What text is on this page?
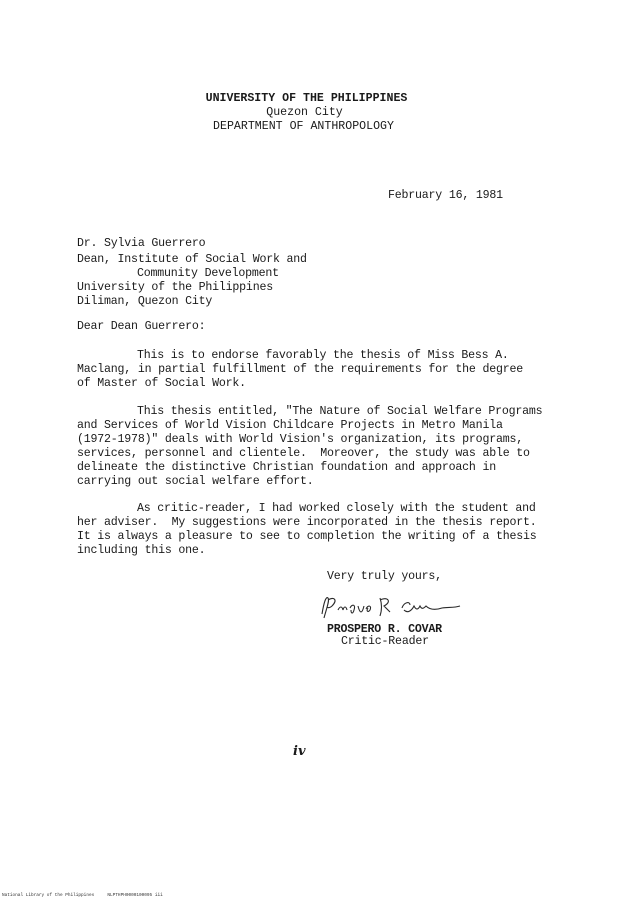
UNIVERSITY OF THE PHILIPPINES
Quezon City
DEPARTMENT OF ANTHROPOLOGY
February 16, 1981
Dr. Sylvia Guerrero
Dean, Institute of Social Work and
Community Development
University of the Philippines
Diliman, Quezon City
Dear Dean Guerrero:
This is to endorse favorably the thesis of Miss Bess A.
Maclang, in partial fulfillment of the requirements for the degree
of Master of Social Work.
This thesis entitled, "The Nature of Social Welfare Programs
and Services of World Vision Childcare Projects in Metro Manila
(1972-1978)" deals with World Vision's organization, its programs,
services, personnel and clientele.  Moreover, the study was able to
delineate the distinctive Christian foundation and approach in
carrying out social welfare effort.
As critic-reader, I had worked closely with the student and
her adviser.  My suggestions were incorporated in the thesis report.
It is always a pleasure to see to completion the writing of a thesis
including this one.
Very truly yours,
PROSPERO R. COVAR
Critic-Reader
iv
National Library of the Philippines     NLPTHPH0000100095 iii
